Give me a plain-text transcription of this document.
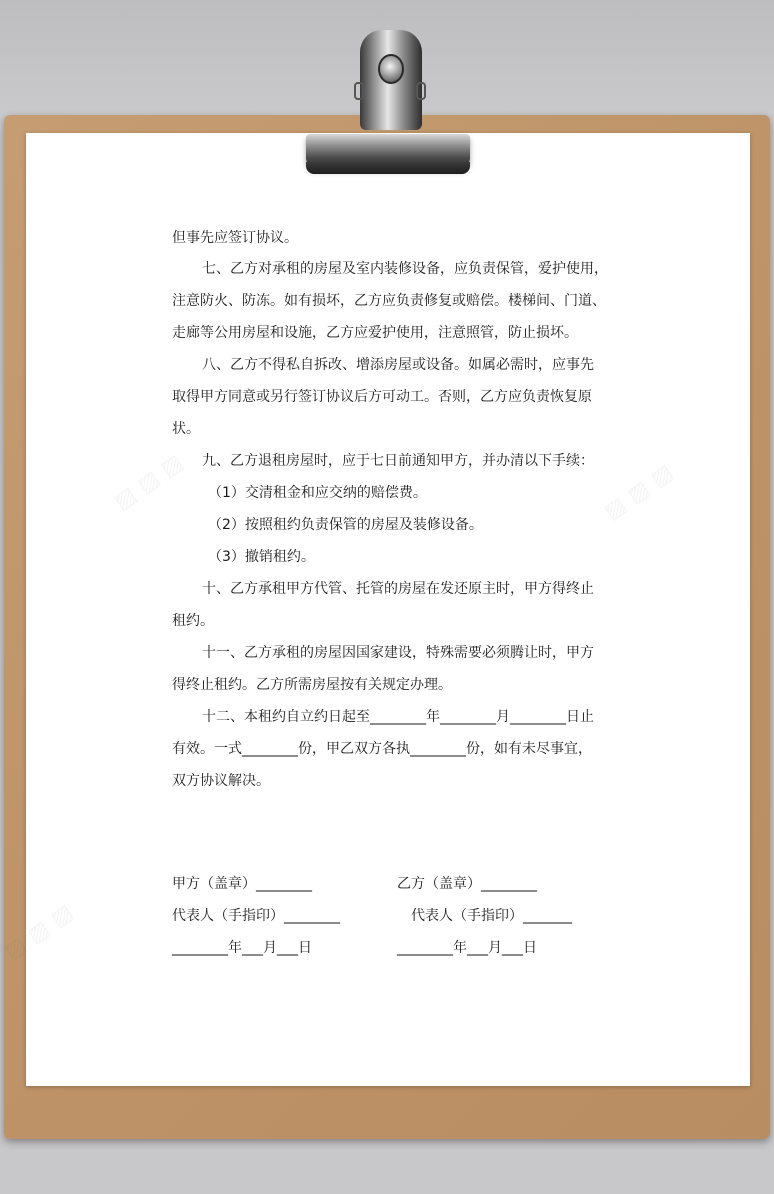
▨ ▨ ▨	▨ ▨ ▨
▨ ▨ ▨

但事先应签订协议。

七、乙方对承租的房屋及室内装修设备，应负责保管，爱护使用，

注意防火、防冻。如有损坏，乙方应负责修复或赔偿。楼梯间、门道、

走廊等公用房屋和设施，乙方应爱护使用，注意照管，防止损坏。

八、乙方不得私自拆改、增添房屋或设备。如属必需时，应事先

取得甲方同意或另行签订协议后方可动工。否则，乙方应负责恢复原

状。

九、乙方退租房屋时，应于七日前通知甲方，并办清以下手续：

（1）交清租金和应交纳的赔偿费。

（2）按照租约负责保管的房屋及装修设备。

（3）撤销租约。

十、乙方承租甲方代管、托管的房屋在发还原主时，甲方得终止

租约。

十一、乙方承租的房屋因国家建设，特殊需要必须腾让时，甲方

得终止租约。乙方所需房屋按有关规定办理。

十二、本租约自立约日起至________年________月________日止

有效。一式________份，甲乙双方各执________份，如有未尽事宜，

双方协议解决。

甲方（盖章）________	乙方（盖章）________
代表人（手指印）________	代表人（手指印）_______
________年___月___日	________年___月___日
